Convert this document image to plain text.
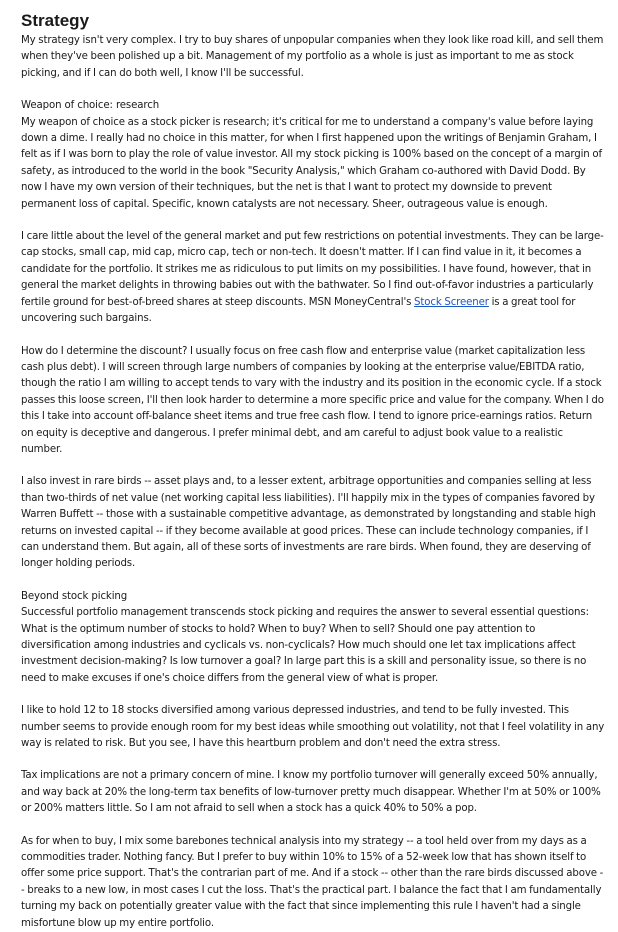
Strategy

My strategy isn't very complex. I try to buy shares of unpopular companies when they look like road kill, and sell them when they've been polished up a bit. Management of my portfolio as a whole is just as important to me as stock picking, and if I can do both well, I know I'll be successful.

Weapon of choice: research

My weapon of choice as a stock picker is research; it's critical for me to understand a company's value before laying down a dime. I really had no choice in this matter, for when I first happened upon the writings of Benjamin Graham, I felt as if I was born to play the role of value investor. All my stock picking is 100% based on the concept of a margin of safety, as introduced to the world in the book "Security Analysis," which Graham co-authored with David Dodd. By now I have my own version of their techniques, but the net is that I want to protect my downside to prevent permanent loss of capital. Specific, known catalysts are not necessary. Sheer, outrageous value is enough.

I care little about the level of the general market and put few restrictions on potential investments. They can be large-cap stocks, small cap, mid cap, micro cap, tech or non-tech. It doesn't matter. If I can find value in it, it becomes a candidate for the portfolio. It strikes me as ridiculous to put limits on my possibilities. I have found, however, that in general the market delights in throwing babies out with the bathwater. So I find out-of-favor industries a particularly fertile ground for best-of-breed shares at steep discounts. MSN MoneyCentral's Stock Screener is a great tool for uncovering such bargains.

How do I determine the discount? I usually focus on free cash flow and enterprise value (market capitalization less cash plus debt). I will screen through large numbers of companies by looking at the enterprise value/EBITDA ratio, though the ratio I am willing to accept tends to vary with the industry and its position in the economic cycle. If a stock passes this loose screen, I'll then look harder to determine a more specific price and value for the company. When I do this I take into account off-balance sheet items and true free cash flow. I tend to ignore price-earnings ratios. Return on equity is deceptive and dangerous. I prefer minimal debt, and am careful to adjust book value to a realistic number.

I also invest in rare birds -- asset plays and, to a lesser extent, arbitrage opportunities and companies selling at less than two-thirds of net value (net working capital less liabilities). I'll happily mix in the types of companies favored by Warren Buffett -- those with a sustainable competitive advantage, as demonstrated by longstanding and stable high returns on invested capital -- if they become available at good prices. These can include technology companies, if I can understand them. But again, all of these sorts of investments are rare birds. When found, they are deserving of longer holding periods.

Beyond stock picking

Successful portfolio management transcends stock picking and requires the answer to several essential questions: What is the optimum number of stocks to hold? When to buy? When to sell? Should one pay attention to diversification among industries and cyclicals vs. non-cyclicals? How much should one let tax implications affect investment decision-making? Is low turnover a goal? In large part this is a skill and personality issue, so there is no need to make excuses if one's choice differs from the general view of what is proper.

I like to hold 12 to 18 stocks diversified among various depressed industries, and tend to be fully invested. This number seems to provide enough room for my best ideas while smoothing out volatility, not that I feel volatility in any way is related to risk. But you see, I have this heartburn problem and don't need the extra stress.

Tax implications are not a primary concern of mine. I know my portfolio turnover will generally exceed 50% annually, and way back at 20% the long-term tax benefits of low-turnover pretty much disappear. Whether I'm at 50% or 100% or 200% matters little. So I am not afraid to sell when a stock has a quick 40% to 50% a pop.

As for when to buy, I mix some barebones technical analysis into my strategy -- a tool held over from my days as a commodities trader. Nothing fancy. But I prefer to buy within 10% to 15% of a 52-week low that has shown itself to offer some price support. That's the contrarian part of me. And if a stock -- other than the rare birds discussed above -- breaks to a new low, in most cases I cut the loss. That's the practical part. I balance the fact that I am fundamentally turning my back on potentially greater value with the fact that since implementing this rule I haven't had a single misfortune blow up my entire portfolio.
